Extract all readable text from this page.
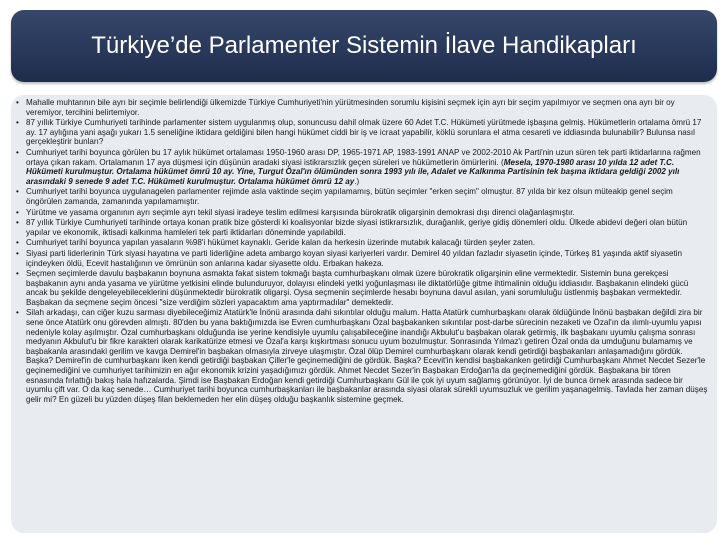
Türkiye’de Parlamenter Sistemin İlave Handikapları
• Mahalle muhtarının bile ayrı bir seçimle belirlendiği ülkemizde Türkiye Cumhuriyeti'nin yürütmesinden sorumlu kişisini seçmek için ayrı bir seçim yapılmıyor ve seçmen ona ayrı bir oy veremiyor, tercihini belirtemiyor.
• 87 yıllık Türkiye Cumhuriyeti tarihinde parlamenter sistem uygulanmış olup, sonuncusu dahil olmak üzere 60 Adet T.C. Hükümeti yürütmede işbaşına gelmiş. Hükümetlerin ortalama ömrü 17 ay. 17 aylığına yani aşağı yukarı 1.5 seneliğine iktidara geldiğini bilen hangi hükümet ciddi bir iş ve icraat yapabilir, köklü sorunlara el atma cesareti ve iddiasında bulunabilir? Bulunsa nasıl gerçekleştirir bunları?
• Cumhuriyet tarihi boyunca görülen bu 17 aylık hükümet ortalaması 1950-1960 arası DP, 1965-1971 AP, 1983-1991 ANAP ve 2002-2010 Ak Parti'nin uzun süren tek parti iktidarlarına rağmen ortaya çıkan rakam. Ortalamanın 17 aya düşmesi için düşünün aradaki siyasi istikrarsızlık geçen süreleri ve hükümetlerin ömürlerini. (Mesela, 1970-1980 arası 10 yılda 12 adet T.C. Hükümeti kurulmuştur. Ortalama hükümet ömrü 10 ay. Yine, Turgut Özal'ın ölümünden sonra 1993 yılı ile, Adalet ve Kalkınma Partisinin tek başına iktidara geldiği 2002 yılı arasındaki 9 senede 9 adet T.C. Hükümeti kurulmuştur. Ortalama hükümet ömrü 12 ay.)
• Cumhuriyet tarihi boyunca uygulanagelen parlamenter rejimde asla vaktinde seçim yapılamamış, bütün seçimler "erken seçim" olmuştur. 87 yılda bir kez olsun müteakip genel seçim öngörülen zamanda, zamanında yapılamamıştır.
• Yürütme ve yasama organının ayrı seçimle ayrı tekil siyasi iradeye teslim edilmesi karşısında bürokratik oligarşinin demokrasi dışı direnci olağanlaşmıştır.
• 87 yıllık Türkiye Cumhuriyeti tarihinde ortaya konan pratik bize gösterdi ki koalisyonlar bizde siyasi istikrarsızlık, durağanlık, geriye gidiş dönemleri oldu. Ülkede abidevi değeri olan bütün yapılar ve ekonomik, iktisadi kalkınma hamleleri tek parti iktidarları döneminde yapılabildi.
• Cumhuriyet tarihi boyunca yapılan yasaların %98'i hükümet kaynaklı. Geride kalan da herkesin üzerinde mutabık kalacağı türden şeyler zaten.
• Siyasi parti liderlerinin Türk siyasi hayatına ve parti liderliğine adeta ambargo koyan siyasi kariyerleri vardır. Demirel 40 yıldan fazladır siyasetin içinde, Türkeş 81 yaşında aktif siyasetin içindeyken öldü, Ecevit hastalığının ve ömrünün son anlarına kadar siyasette oldu. Erbakan hakeza.
• Seçmen seçimlerde davulu başbakanın boynuna asmakta fakat sistem tokmağı başta cumhurbaşkanı olmak üzere bürokratik oligarşinin eline vermektedir. Sistemin buna gerekçesi başbakanın aynı anda yasama ve yürütme yetkisini elinde bulunduruyor, dolayısı elindeki yetki yoğunlaşması ile diktatörlüğe gitme ihtimalinin olduğu iddiasıdır. Başbakanın elindeki gücü ancak bu şekilde dengeleyebileceklerini düşünmektedir bürokratik oligarşi. Oysa seçmenin seçimlerde hesabı boynuna davul asılan, yani sorumluluğu üstlenmiş başbakan vermektedir. Başbakan da seçmene seçim öncesi "size verdiğim sözleri yapacaktım ama yaptırmadılar" demektedir.
• Silah arkadaşı, can ciğer kuzu sarması diyebileceğimiz Atatürk'le İnönü arasında dahi sıkıntılar olduğu malum. Hatta Atatürk cumhurbaşkanı olarak öldüğünde İnönü başbakan değildi zira bir sene önce Atatürk onu görevden almıştı. 80'den bu yana baktığımızda ise Evren cumhurbaşkanı Özal başbakanken sıkıntılar post-darbe sürecinin nezaketi ve Özal'ın da ılımlı-uyumlu yapısı nedeniyle kolay aşılmıştır. Özal cumhurbaşkanı olduğunda ise yerine kendisiyle uyumlu çalışabileceğine inandığı Akbulut'u başbakan olarak getirmiş, ilk başbakanı uyumlu çalışma sonrası medyanın Akbulut'u bir fikre karakteri olarak karikatürize etmesi ve Özal'a karşı kışkırtması sonucu uyum bozulmuştur. Sonrasında Yılmaz'ı getiren Özal onda da umduğunu bulamamış ve başbakanla arasındaki gerilim ve kavga Demirel'in başbakan olmasıyla zirveye ulaşmıştır. Özal ölüp Demirel cumhurbaşkanı olarak kendi getirdiği başbakanları anlaşamadığını gördük. Başka? Demirel'in de cumhurbaşkanı iken kendi getirdiği başbakan Çiller'le geçinemediğini de gördük. Başka? Ecevit'in kendisi başbakanken getirdiği Cumhurbaşkanı Ahmet Necdet Sezer'le geçinemediğini ve cumhuriyet tarihimizin en ağır ekonomik krizini yaşadığımızı gördük. Ahmet Necdet Sezer'in Başbakan Erdoğan'la da geçinemediğini gördük. Başbakana bir tören esnasında fırlattığı bakış hala hafızalarda. Şimdi ise Başbakan Erdoğan kendi getirdiği Cumhurbaşkanı Gül ile çok iyi uyum sağlamış görünüyor. İyi de bunca örnek arasında sadece bir uyumlu çift var. O da kaç senede… Cumhuriyet tarihi boyunca cumhurbaşkanları ile başbakanlar arasında siyasi olarak sürekli uyumsuzluk ve gerilim yaşanagelmiş. Tavlada her zaman düşeş gelir mi? En güzeli bu yüzden düşeş filan beklemeden her elin düşeş olduğu başkanlık sistemine geçmek.
